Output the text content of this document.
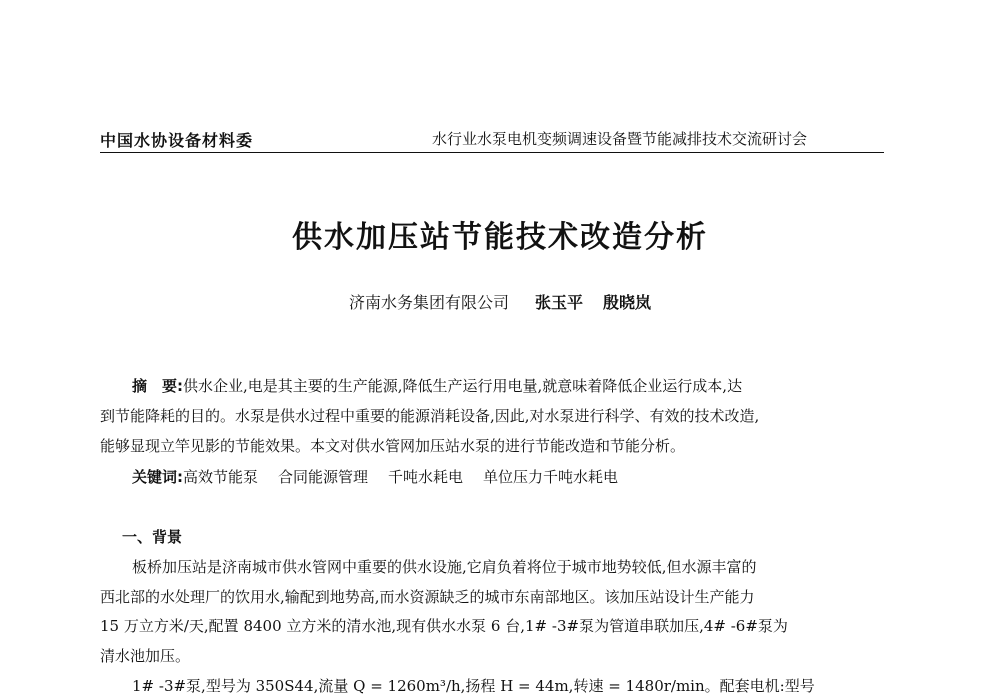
中国水协设备材料委	水行业水泵电机变频调速设备暨节能减排技术交流研讨会
供水加压站节能技术改造分析
济南水务集团有限公司 张玉平 殷晓岚
摘　要:供水企业,电是其主要的生产能源,降低生产运行用电量,就意味着降低企业运行成本,达
到节能降耗的目的。水泵是供水过程中重要的能源消耗设备,因此,对水泵进行科学、有效的技术改造,
能够显现立竿见影的节能效果。本文对供水管网加压站水泵的进行节能改造和节能分析。
关键词:高效节能泵 合同能源管理 千吨水耗电 单位压力千吨水耗电
一、背景
板桥加压站是济南城市供水管网中重要的供水设施,它肩负着将位于城市地势较低,但水源丰富的
西北部的水处理厂的饮用水,输配到地势高,而水资源缺乏的城市东南部地区。该加压站设计生产能力
15 万立方米/天,配置 8400 立方米的清水池,现有供水水泵 6 台,1# -3#泵为管道串联加压,4# -6#泵为
清水池加压。
1# -3#泵,型号为 350S44,流量 Q = 1260m³/h,扬程 H = 44m,转速 = 1480r/min。配套电机:型号
